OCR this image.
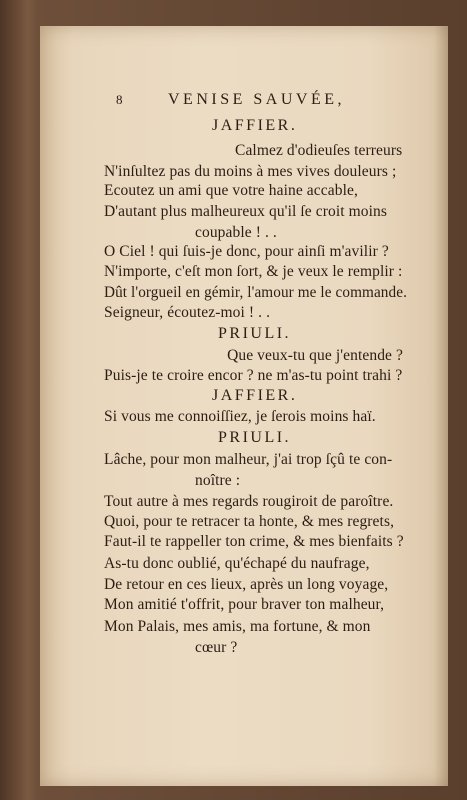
8	VENISE SAUVÉE,
JAFFIER.
Calmez d'odieuſes terreurs
N'inſultez pas du moins à mes vives douleurs ;
Ecoutez un ami que votre haine accable,
D'autant plus malheureux qu'il ſe croit moins
coupable ! . .
O Ciel ! qui ſuis-je donc, pour ainſi m'avilir ?
N'importe, c'eſt mon ſort, & je veux le remplir :
Dût l'orgueil en gémir, l'amour me le commande.
Seigneur, écoutez-moi ! . .
PRIULI.
Que veux-tu que j'entende ?
Puis-je te croire encor ? ne m'as-tu point trahi ?
JAFFIER.
Si vous me connoiſſiez, je ſerois moins haï.
PRIULI.
Lâche, pour mon malheur, j'ai trop ſçû te con-
noître :
Tout autre à mes regards rougiroit de paroître.
Quoi, pour te retracer ta honte, & mes regrets,
Faut-il te rappeller ton crime, & mes bienfaits ?
As-tu donc oublié, qu'échapé du naufrage,
De retour en ces lieux, après un long voyage,
Mon amitié t'offrit, pour braver ton malheur,
Mon Palais, mes amis, ma fortune, & mon
cœur ?
